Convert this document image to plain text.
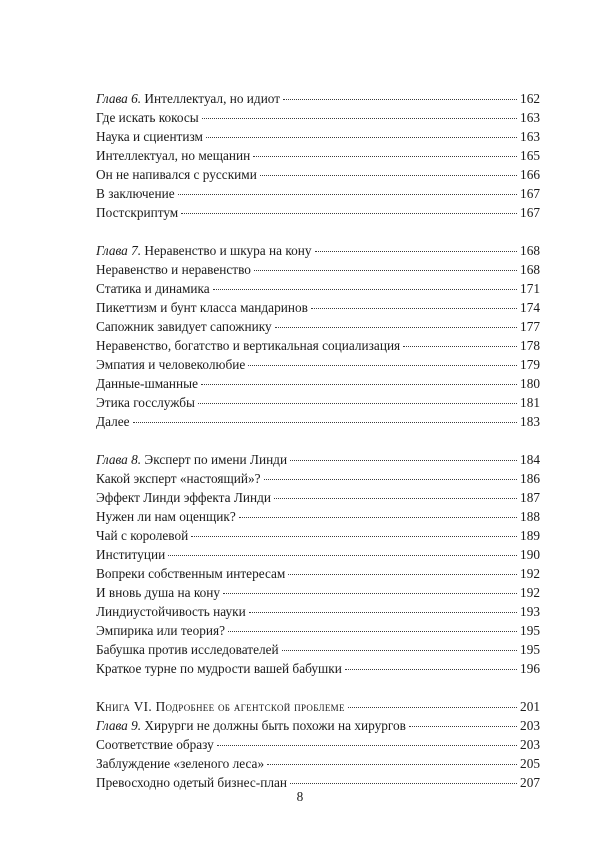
Глава 6. Интеллектуал, но идиот	162
Где искать кокосы	163
Наука и сциентизм	163
Интеллектуал, но мещанин	165
Он не напивался с русскими	166
В заключение	167
Постскриптум	167
Глава 7. Неравенство и шкура на кону	168
Неравенство и неравенство	168
Статика и динамика	171
Пикеттизм и бунт класса мандаринов	174
Сапожник завидует сапожнику	177
Неравенство, богатство и вертикальная социализация	178
Эмпатия и человеколюбие	179
Данные-шманные	180
Этика госслужбы	181
Далее	183
Глава 8. Эксперт по имени Линди	184
Какой эксперт «настоящий»?	186
Эффект Линди эффекта Линди	187
Нужен ли нам оценщик?	188
Чай с королевой	189
Институции	190
Вопреки собственным интересам	192
И вновь душа на кону	192
Линдиустойчивость науки	193
Эмпирика или теория?	195
Бабушка против исследователей	195
Краткое турне по мудрости вашей бабушки	196
Книга VI. Подробнее об агентской проблеме	201
Глава 9. Хирурги не должны быть похожи на хирургов	203
Соответствие образу	203
Заблуждение «зеленого леса»	205
Превосходно одетый бизнес-план	207
8
